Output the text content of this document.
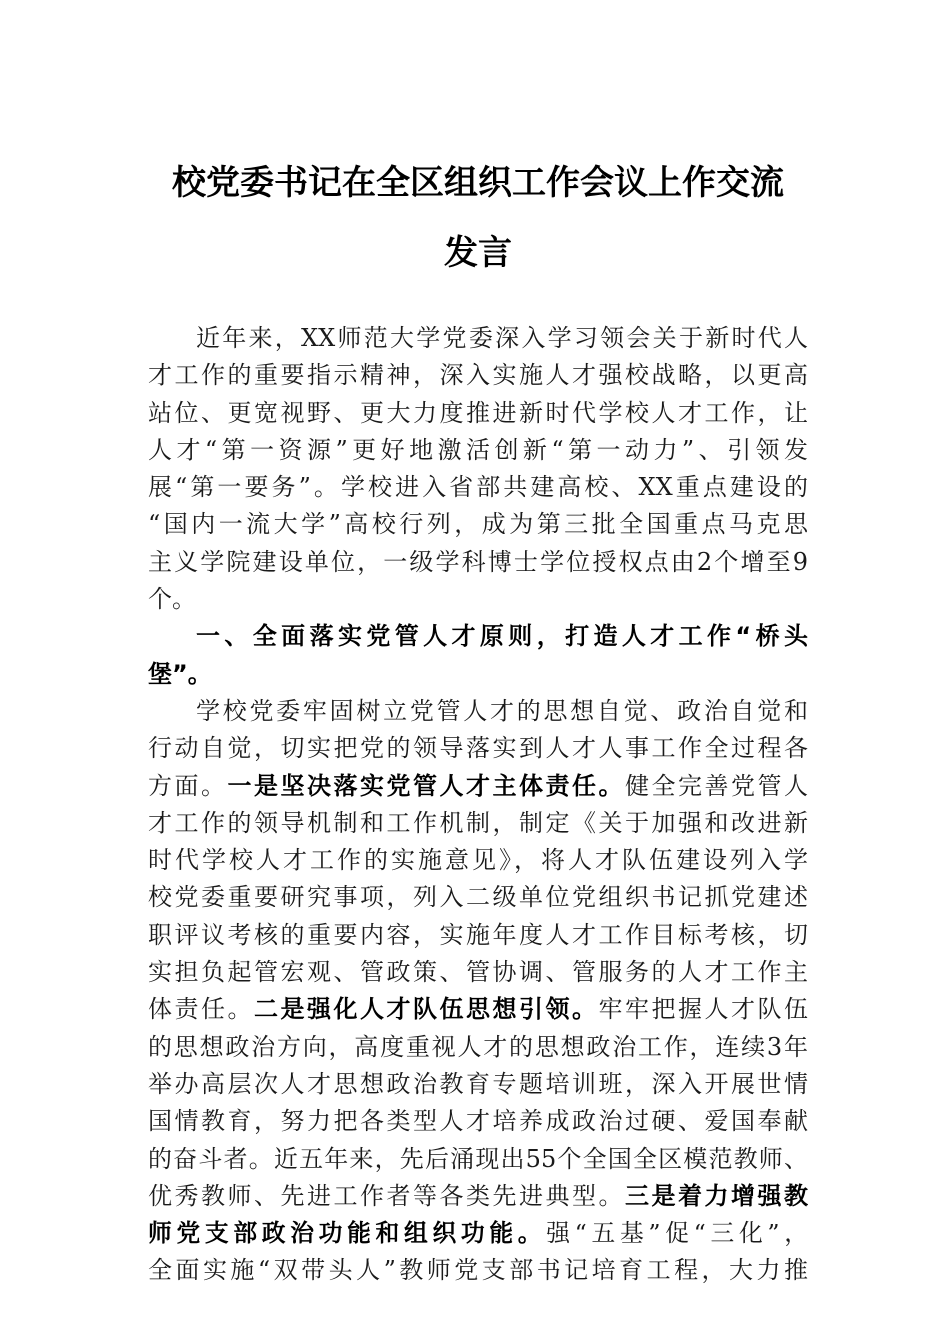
校党委书记在全区组织工作会议上作交流
发言
近年来，XX师范大学党委深入学习领会关于新时代人
才工作的重要指示精神，深入实施人才强校战略，以更高
站位、更宽视野、更大力度推进新时代学校人才工作，让
人才“第一资源”更好地激活创新“第一动力”、引领发
展“第一要务”。学校进入省部共建高校、XX重点建设的
“国内一流大学”高校行列，成为第三批全国重点马克思
主义学院建设单位，一级学科博士学位授权点由2个增至9
个。
一、全面落实党管人才原则，打造人才工作“桥头
堡”。
学校党委牢固树立党管人才的思想自觉、政治自觉和
行动自觉，切实把党的领导落实到人才人事工作全过程各
方面。一是坚决落实党管人才主体责任。健全完善党管人
才工作的领导机制和工作机制，制定《关于加强和改进新
时代学校人才工作的实施意见》，将人才队伍建设列入学
校党委重要研究事项，列入二级单位党组织书记抓党建述
职评议考核的重要内容，实施年度人才工作目标考核，切
实担负起管宏观、管政策、管协调、管服务的人才工作主
体责任。二是强化人才队伍思想引领。牢牢把握人才队伍
的思想政治方向，高度重视人才的思想政治工作，连续3年
举办高层次人才思想政治教育专题培训班，深入开展世情
国情教育，努力把各类型人才培养成政治过硬、爱国奉献
的奋斗者。近五年来，先后涌现出55个全国全区模范教师、
优秀教师、先进工作者等各类先进典型。三是着力增强教
师党支部政治功能和组织功能。强“五基”促“三化”，
全面实施“双带头人”教师党支部书记培育工程，大力推
